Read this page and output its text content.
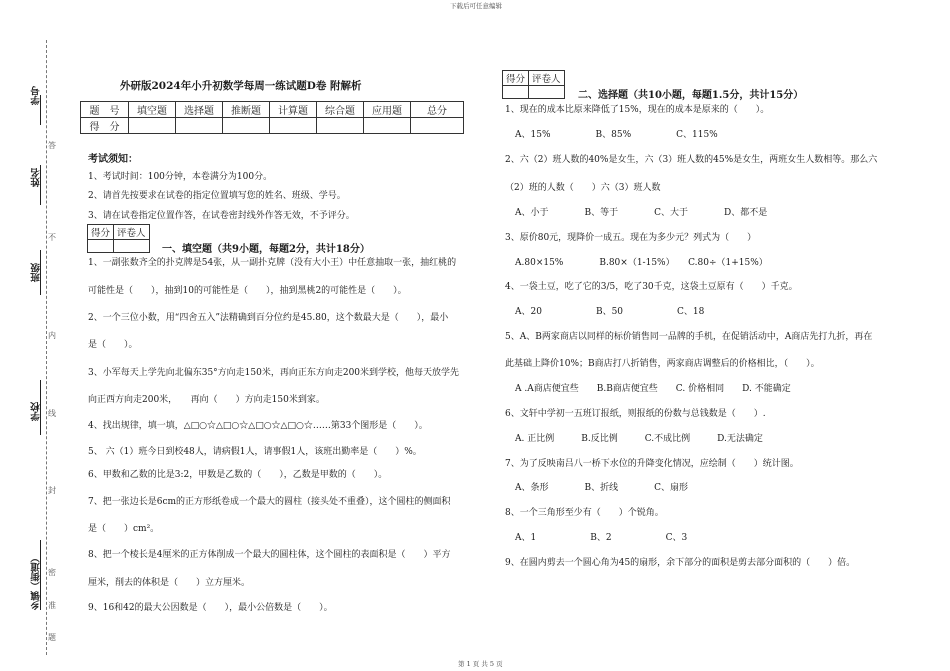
下载后可任意编辑
第 1 页 共 5 页
学号
姓名
班级
学校
乡镇（街道）
答
不
内
线
封
密
准
题
外研版2024年小升初数学每周一练试题D卷 附解析
题　号	填空题	选择题	推断题	计算题	综合题	应用题	总分
得　分							
考试须知：
1、考试时间：100分钟，本卷满分为100分。
2、请首先按要求在试卷的指定位置填写您的姓名、班级、学号。
3、请在试卷指定位置作答，在试卷密封线外作答无效，不予评分。
得分	评卷人

一、填空题（共9小题，每题2分，共计18分）
1、一副张数齐全的扑克牌是54张，从一副扑克牌（没有大小王）中任意抽取一张，抽红桃的
可能性是（　　），抽到10的可能性是（　　），抽到黑桃2的可能性是（　　）。
2、一个三位小数，用“四舍五入”法精确到百分位约是45.80，这个数最大是（　　），最小
是（　　）。
3、小军每天上学先向北偏东35°方向走150米，再向正东方向走200米到学校，他每天放学先
向正西方向走200米，　　再向（　　）方向走150米到家。
4、找出规律，填一填，△□○☆△□○☆△□○☆△□○☆……第33个图形是（　　）。
5、 六（1）班今日到校48人，请病假1人，请事假1人，该班出勤率是（　　）%。
6、甲数和乙数的比是3:2，甲数是乙数的（　　），乙数是甲数的（　　）。
7、把一张边长是6cm的正方形纸卷成一个最大的圆柱（接头处不重叠），这个圆柱的侧面积
是（　　）cm²。
8、把一个棱长是4厘米的正方体削成一个最大的圆柱体，这个圆柱的表面积是（　　）平方
厘米，削去的体积是（　　）立方厘米。
9、16和42的最大公因数是（　　），最小公倍数是（　　）。
得分	评卷人

二、选择题（共10小题，每题1.5分，共计15分）
1、现在的成本比原来降低了15%，现在的成本是原来的（　　）。
A、15%　　　　　B、85%　　　　　C、115%
2、六（2）班人数的40%是女生，六（3）班人数的45%是女生，两班女生人数相等。那么六
（2）班的人数（　　）六（3）班人数
A、小于　　　　B、等于　　　　C、大于　　　　D、都不是
3、原价80元，现降价一成五。现在为多少元？列式为（　　）
A.80×15%　　　　B.80×（1-15%）　　C.80÷（1+15%）
4、一袋土豆，吃了它的3/5，吃了30千克，这袋土豆原有（　　）千克。
A、20　　　　　　B、50　　　　　　C、18
5、A、B两家商店以同样的标价销售同一品牌的手机，在促销活动中，A商店先打九折，再在
此基础上降价10%；B商店打八折销售，两家商店调整后的价格相比，（　　）。
A .A商店便宜些　　B.B商店便宜些　　C. 价格相同　　D. 不能确定
6、文轩中学初一五班订报纸，则报纸的份数与总钱数是（　　）.
A. 正比例　　　B.反比例　　　C.不成比例　　　D.无法确定
7、为了反映南吕八一桥下水位的升降变化情况，应绘制（　　）统计图。
A、条形　　　　B、折线　　　　C、扇形
8、一个三角形至少有（　　）个锐角。
A、1　　　　　　B、2　　　　　　C、3
9、在圆内剪去一个圆心角为45的扇形，余下部分的面积是剪去部分面积的（　　）倍。
